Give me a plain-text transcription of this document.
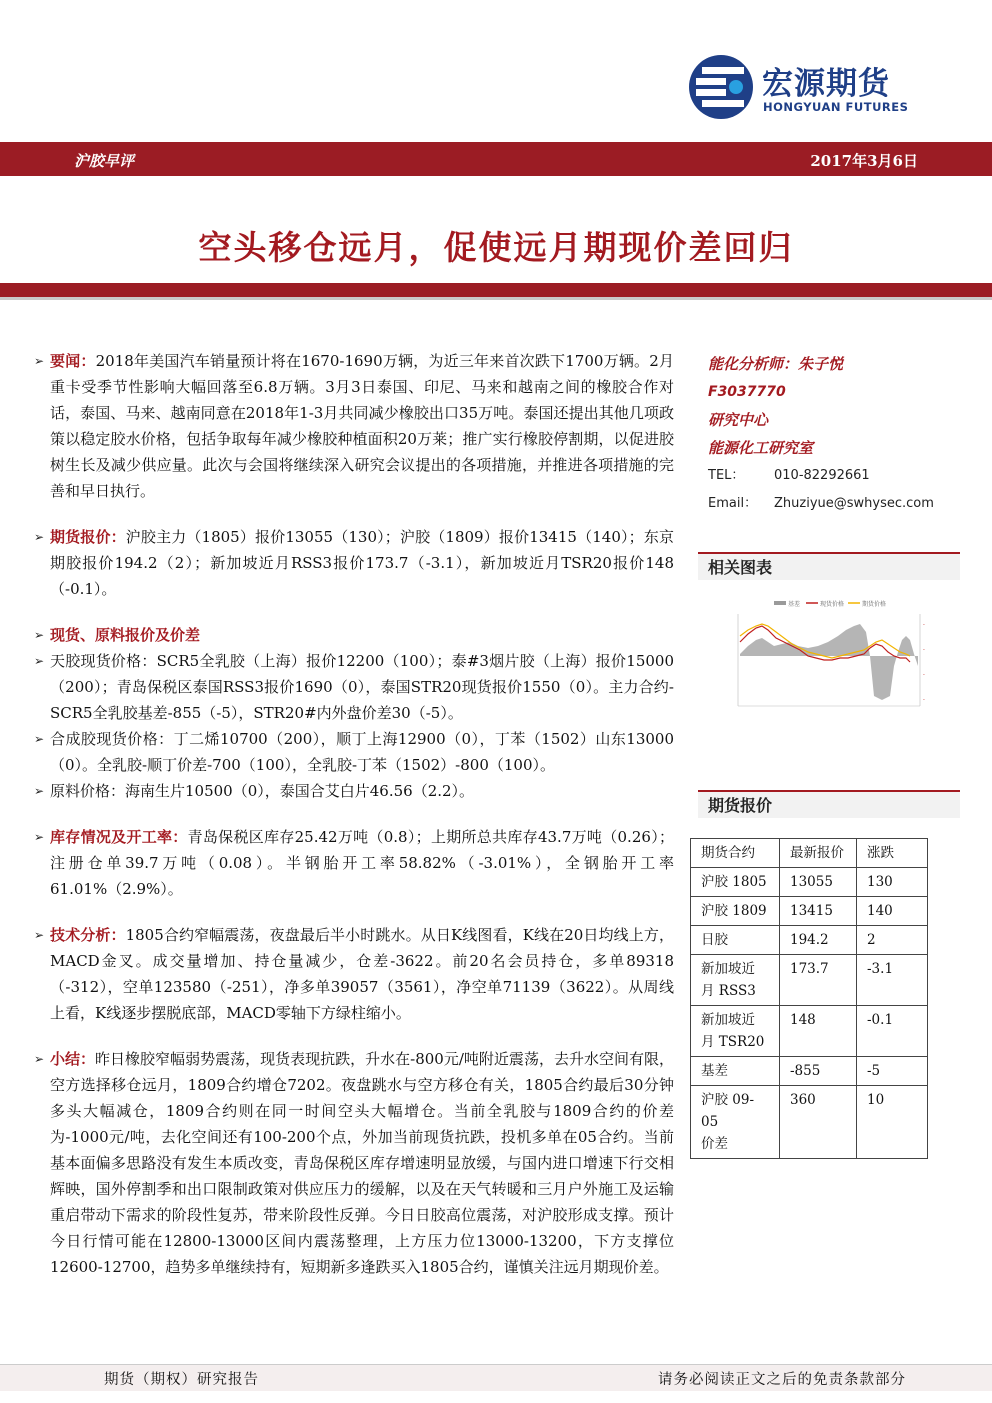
宏源期货
HONGYUAN FUTURES
沪胶早评	2017年3月6日
空头移仓远月，促使远月期现价差回归
➢ 要闻：2018年美国汽车销量预计将在1670-1690万辆，为近三年来首次跌下1700万辆。2月重卡受季节性影响大幅回落至6.8万辆。3月3日泰国、印尼、马来和越南之间的橡胶合作对话，泰国、马来、越南同意在2018年1-3月共同减少橡胶出口35万吨。泰国还提出其他几项政策以稳定胶水价格，包括争取每年减少橡胶种植面积20万莱；推广实行橡胶停割期，以促进胶树生长及减少供应量。此次与会国将继续深入研究会议提出的各项措施，并推进各项措施的完善和早日执行。
➢ 期货报价：沪胶主力（1805）报价13055（130）；沪胶（1809）报价13415（140）；东京期胶报价194.2（2）；新加坡近月RSS3报价173.7（-3.1），新加坡近月TSR20报价148（-0.1）。
➢ 现货、原料报价及价差
➢ 天胶现货价格：SCR5全乳胶（上海）报价12200（100）；泰#3烟片胶（上海）报价15000（200）；青岛保税区泰国RSS3报价1690（0），泰国STR20现货报价1550（0）。主力合约-SCR5全乳胶基差-855（-5），STR20#内外盘价差30（-5）。
➢ 合成胶现货价格：丁二烯10700（200），顺丁上海12900（0），丁苯（1502）山东13000（0）。全乳胶-顺丁价差-700（100），全乳胶-丁苯（1502）-800（100）。
➢ 原料价格：海南生片10500（0），泰国合艾白片46.56（2.2）。
➢ 库存情况及开工率：青岛保税区库存25.42万吨（0.8）；上期所总共库存43.7万吨（0.26）；注册仓单39.7万吨（0.08）。半钢胎开工率58.82%（-3.01%），全钢胎开工率61.01%（2.9%）。
➢ 技术分析：1805合约窄幅震荡，夜盘最后半小时跳水。从日K线图看，K线在20日均线上方，MACD金叉。成交量增加、持仓量减少，仓差-3622。前20名会员持仓，多单89318（-312），空单123580（-251），净多单39057（3561），净空单71139（3622）。从周线上看，K线逐步摆脱底部，MACD零轴下方绿柱缩小。
➢ 小结：昨日橡胶窄幅弱势震荡，现货表现抗跌，升水在-800元/吨附近震荡，去升水空间有限，空方选择移仓远月，1809合约增仓7202。夜盘跳水与空方移仓有关，1805合约最后30分钟多头大幅减仓，1809合约则在同一时间空头大幅增仓。当前全乳胶与1809合约的价差为-1000元/吨，去化空间还有100-200个点，外加当前现货抗跌，投机多单在05合约。当前基本面偏多思路没有发生本质改变，青岛保税区库存增速明显放缓，与国内进口增速下行交相辉映，国外停割季和出口限制政策对供应压力的缓解，以及在天气转暖和三月户外施工及运输重启带动下需求的阶段性复苏，带来阶段性反弹。今日日胶高位震荡，对沪胶形成支撑。预计今日行情可能在12800-13000区间内震荡整理，上方压力位13000-13200，下方支撑位12600-12700，趋势多单继续持有，短期新多逢跌买入1805合约，谨慎关注远月期现价差。
能化分析师：朱子悦
F3037770
研究中心
能源化工研究室
TEL： 010-82292661
Email： Zhuziyue@swhysec.com
相关图表
基差	现货价格	期货价格
-
-
-
-
期货报价
期货合约	最新报价	涨跌
沪胶 1805	13055	130
沪胶 1809	13415	140
日胶	194.2	2
新加坡近
月 RSS3	173.7	-3.1
新加坡近
月 TSR20	148	-0.1
基差	-855	-5
沪胶 09-05
价差	360	10
期货（期权）研究报告	请务必阅读正文之后的免责条款部分
